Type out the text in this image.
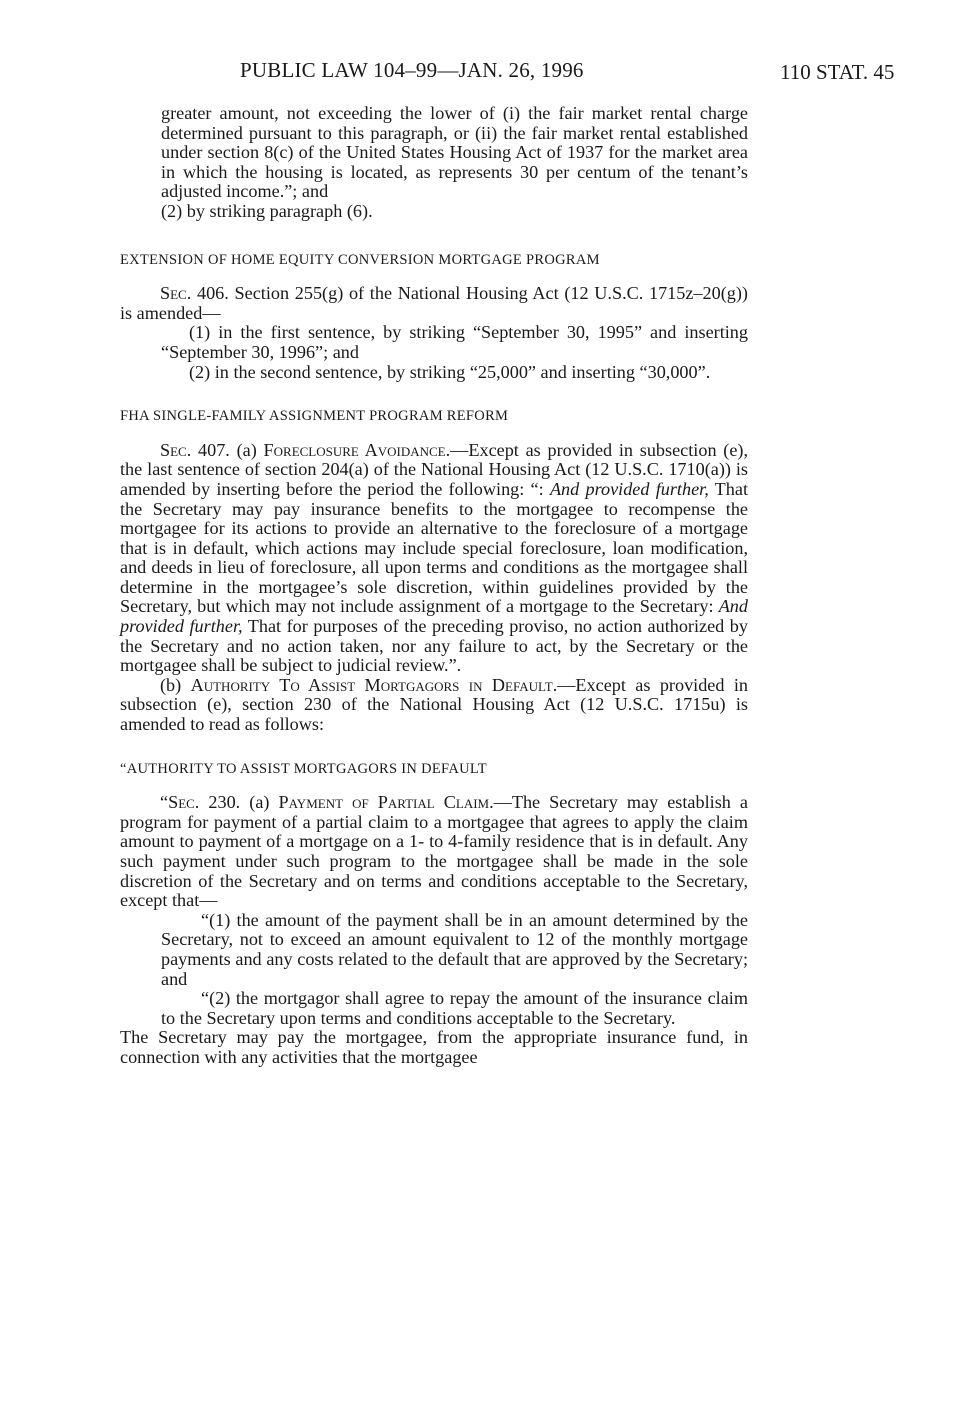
PUBLIC LAW 104–99—JAN. 26, 1996	110 STAT. 45

greater amount, not exceeding the lower of (i) the fair market rental charge determined pursuant to this paragraph, or (ii) the fair market rental established under section 8(c) of the United States Housing Act of 1937 for the market area in which the housing is located, as represents 30 per centum of the tenant’s adjusted income.”; and

(2) by striking paragraph (6).

EXTENSION OF HOME EQUITY CONVERSION MORTGAGE PROGRAM

Sec. 406. Section 255(g) of the National Housing Act (12 U.S.C. 1715z–20(g)) is amended—

(1) in the first sentence, by striking “September 30, 1995” and inserting “September 30, 1996”; and

(2) in the second sentence, by striking “25,000” and inserting “30,000”.

FHA SINGLE-FAMILY ASSIGNMENT PROGRAM REFORM

Sec. 407. (a) Foreclosure Avoidance.—Except as provided in subsection (e), the last sentence of section 204(a) of the National Housing Act (12 U.S.C. 1710(a)) is amended by inserting before the period the following: “: And provided further, That the Secretary may pay insurance benefits to the mortgagee to recompense the mortgagee for its actions to provide an alternative to the foreclosure of a mortgage that is in default, which actions may include special foreclosure, loan modification, and deeds in lieu of foreclosure, all upon terms and conditions as the mortgagee shall determine in the mortgagee’s sole discretion, within guidelines provided by the Secretary, but which may not include assignment of a mortgage to the Secretary: And provided further, That for purposes of the preceding proviso, no action authorized by the Secretary and no action taken, nor any failure to act, by the Secretary or the mortgagee shall be subject to judicial review.”.

(b) Authority To Assist Mortgagors in Default.—Except as provided in subsection (e), section 230 of the National Housing Act (12 U.S.C. 1715u) is amended to read as follows:

“AUTHORITY TO ASSIST MORTGAGORS IN DEFAULT

“Sec. 230. (a) Payment of Partial Claim.—The Secretary may establish a program for payment of a partial claim to a mortgagee that agrees to apply the claim amount to payment of a mortgage on a 1- to 4-family residence that is in default. Any such payment under such program to the mortgagee shall be made in the sole discretion of the Secretary and on terms and conditions acceptable to the Secretary, except that—

“(1) the amount of the payment shall be in an amount determined by the Secretary, not to exceed an amount equivalent to 12 of the monthly mortgage payments and any costs related to the default that are approved by the Secretary; and

“(2) the mortgagor shall agree to repay the amount of the insurance claim to the Secretary upon terms and conditions acceptable to the Secretary.

The Secretary may pay the mortgagee, from the appropriate insurance fund, in connection with any activities that the mortgagee
